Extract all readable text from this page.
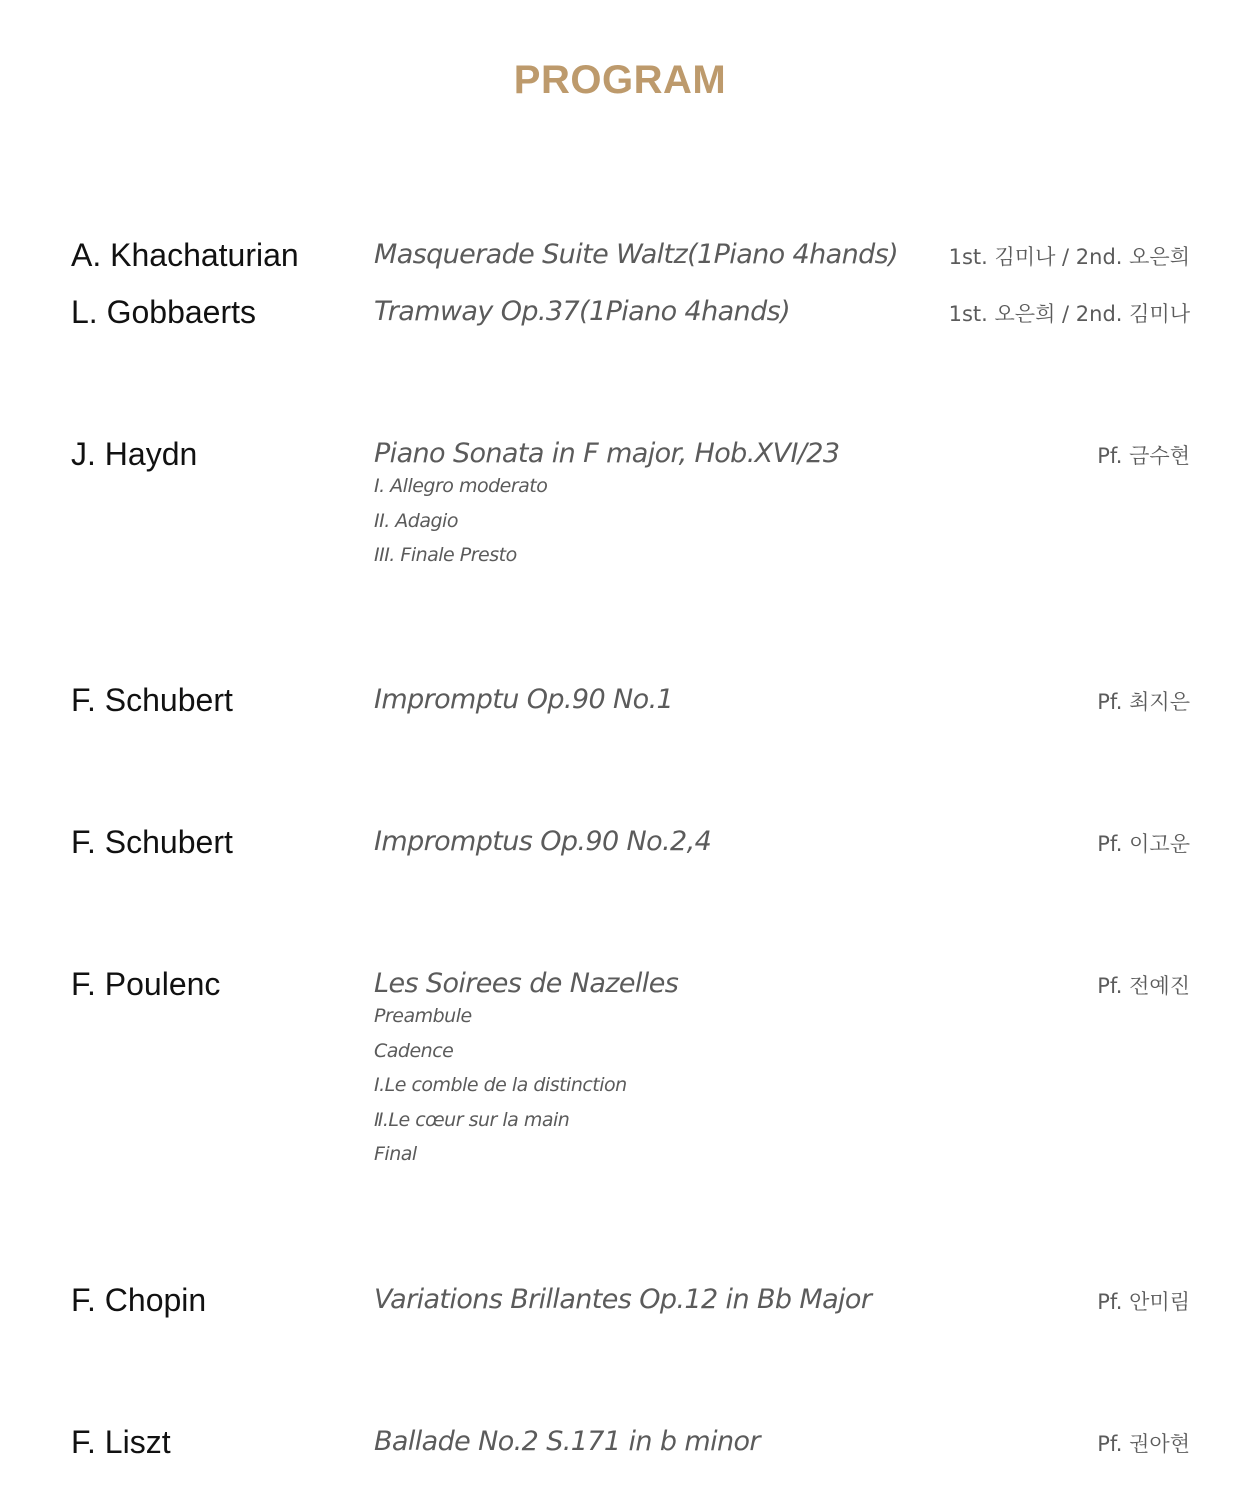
PROGRAM
A. Khachaturian	Masquerade Suite Waltz(1Piano 4hands) 1st. 김미나 / 2nd. 오은희
L. Gobbaerts	Tramway Op.37(1Piano 4hands)	1st. 오은희 / 2nd. 김미나
J. Haydn	Piano Sonata in F major, Hob.XVI/23
I. Allegro moderato
II. Adagio
III. Finale Presto
Pf. 금수현
F. Schubert	Impromptu Op.90 No.1	Pf. 최지은
F. Schubert	Impromptus Op.90 No.2,4	Pf. 이고운
F. Poulenc	Les Soirees de Nazelles
Preambule
Cadence
Ⅰ.Le comble de la distinction
Ⅱ.Le cœur sur la main
Final
Pf. 전예진
F. Chopin	Variations Brillantes Op.12 in Bb Major	Pf. 안미림
F. Liszt	Ballade No.2 S.171 in b minor	Pf. 권아현
